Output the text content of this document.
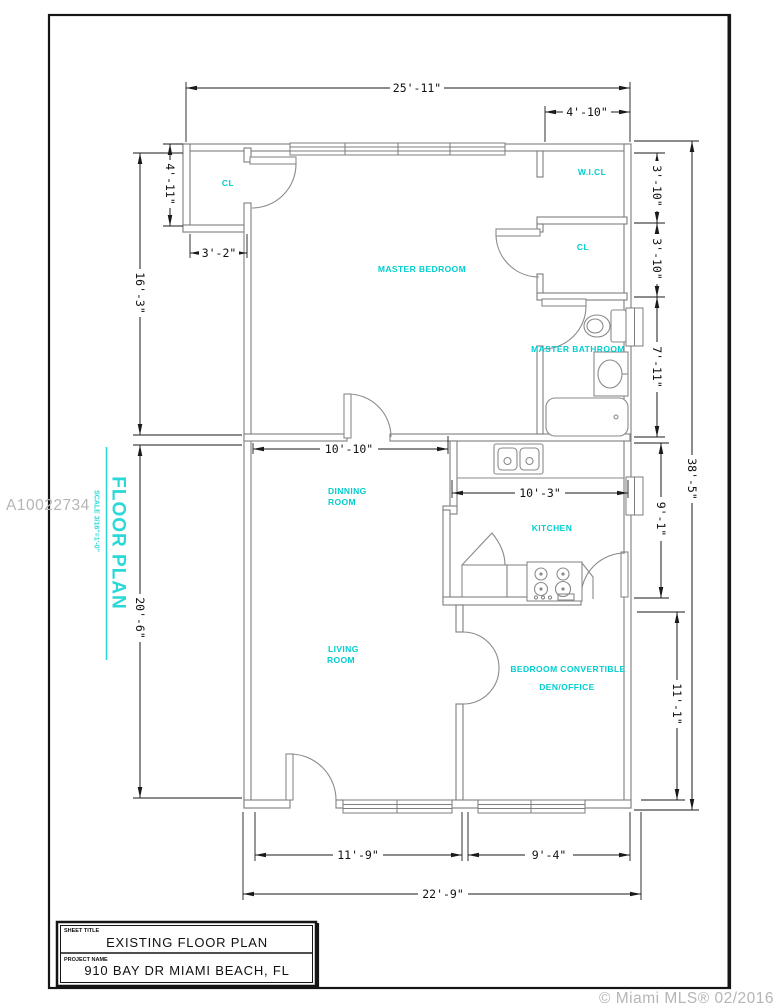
A10022734 FLOOR PLAN
SCALE 3/16"=1'-0"
25'-11"
4'-10"
3'-2"
10'-10"
10'-3"
11'-9"	9'-4"
22'-9"
4'-11"
16'-3"
20'-6"
3'-10"
3'-10"
7'-11"
9'-1"
11'-1"
38'-5"
CL
MASTER BEDROOM
W.I.CL
CL
MASTER BATHROOM
DINNING
ROOM
KITCHEN
LIVING
ROOM
BEDROOM CONVERTIBLE
DEN/OFFICE
SHEET TITLE
EXISTING FLOOR PLAN
PROJECT NAME
910 BAY DR MIAMI BEACH, FL
© Miami MLS® 02/2016
